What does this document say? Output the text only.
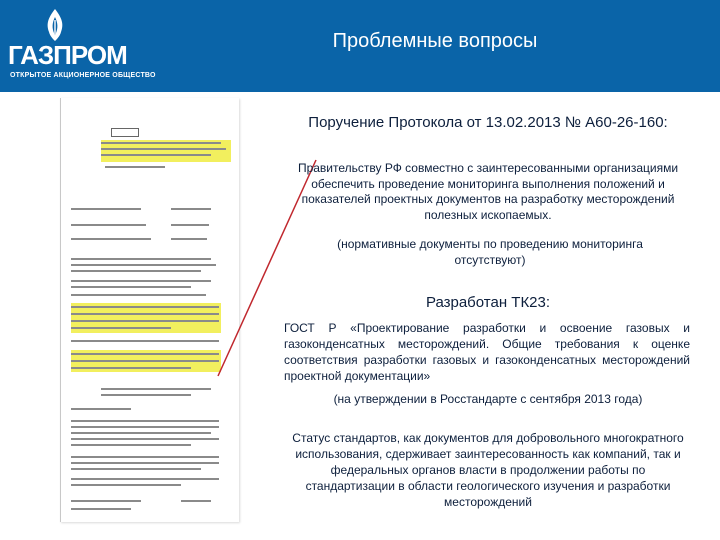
ГАЗПРОМ
ОТКРЫТОЕ АКЦИОНЕРНОЕ ОБЩЕСТВО
Проблемные вопросы
Поручение Протокола от 13.02.2013 № А60-26-160:
Правительству РФ совместно с заинтересованными организациями обеспечить проведение мониторинга выполнения положений и показателей проектных документов на разработку месторождений полезных ископаемых.
(нормативные документы по проведению мониторинга отсутствуют)
Разработан ТК23:
ГОСТ Р «Проектирование разработки и освоение газовых и газоконденсатных месторождений. Общие требования к оценке соответствия разработки газовых и газоконденсатных месторождений проектной документации»
(на утверждении в Росстандарте с сентября 2013 года)
Статус стандартов, как документов для добровольного многократного использования, сдерживает заинтересованность как компаний, так и федеральных органов власти в продолжении работы по стандартизации в области геологического изучения и разработки месторождений
